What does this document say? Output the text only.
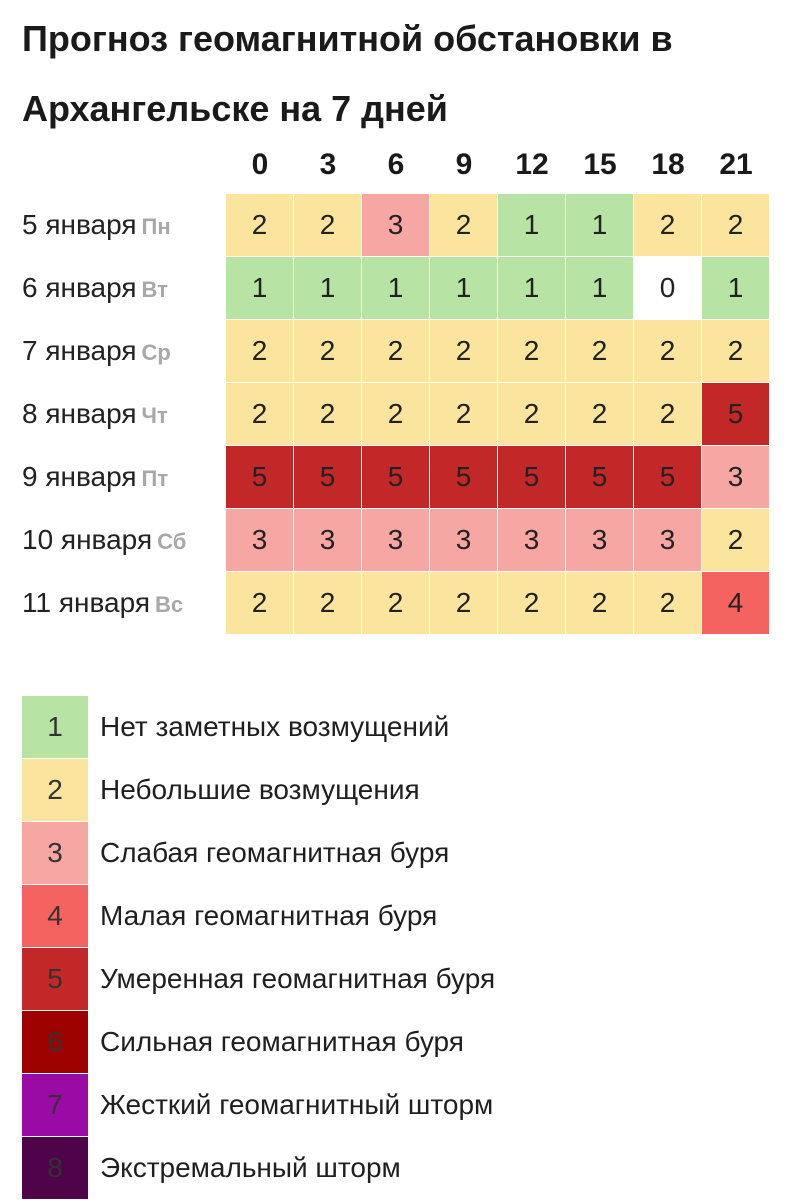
Прогноз геомагнитной обстановки в Архангельске на 7 дней
0	3	6	9	12	15	18	21
5 января Пн	2	2	3	2	1	1	2	2
6 января Вт	1	1	1	1	1	1	0	1
7 января Ср	2	2	2	2	2	2	2	2
8 января Чт	2	2	2	2	2	2	2	5
9 января Пт	5	5	5	5	5	5	5	3
10 января Сб	3	3	3	3	3	3	3	2
11 января Вс	2	2	2	2	2	2	2	4
1	Нет заметных возмущений
2	Небольшие возмущения
3	Слабая геомагнитная буря
4	Малая геомагнитная буря
5	Умеренная геомагнитная буря
6	Сильная геомагнитная буря
7	Жесткий геомагнитный шторм
8	Экстремальный шторм
